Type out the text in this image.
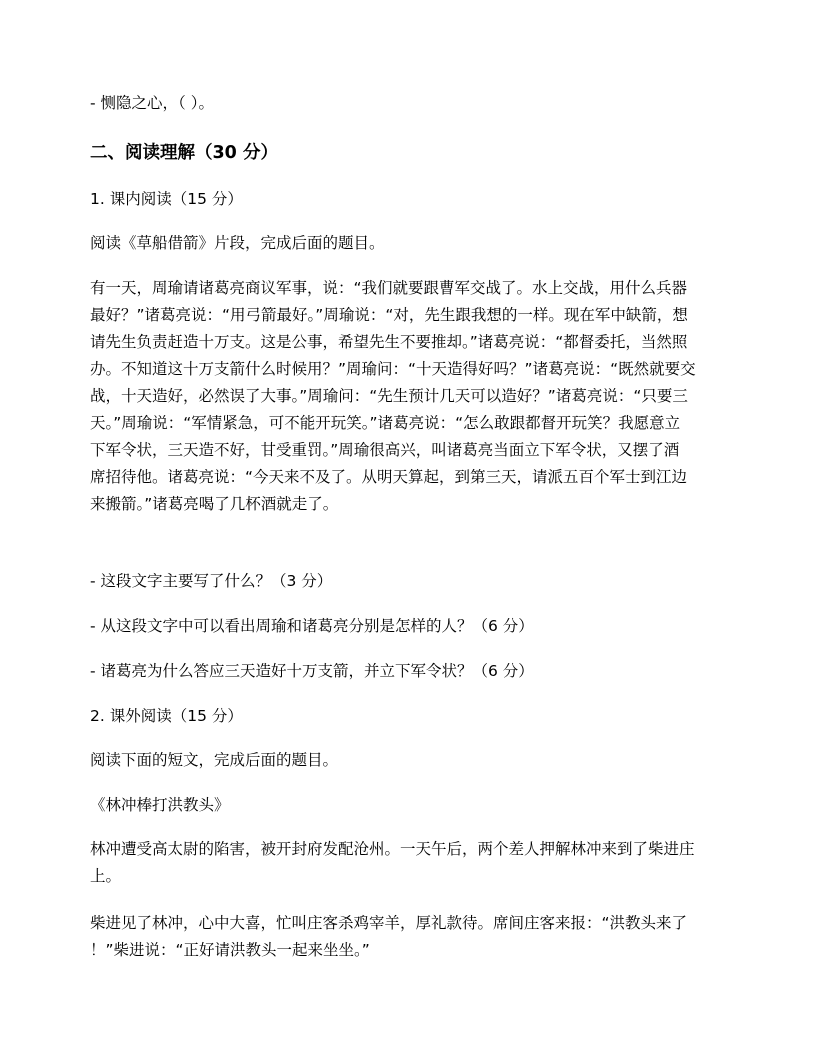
- 恻隐之心，（ ）。

二、阅读理解（30 分）

1. 课内阅读（15 分）

阅读《草船借箭》片段，完成后面的题目。

有一天，周瑜请诸葛亮商议军事，说：“我们就要跟曹军交战了。水上交战，用什么兵器
最好？”诸葛亮说：“用弓箭最好。”周瑜说：“对，先生跟我想的一样。现在军中缺箭，想
请先生负责赶造十万支。这是公事，希望先生不要推却。”诸葛亮说：“都督委托，当然照
办。不知道这十万支箭什么时候用？”周瑜问：“十天造得好吗？”诸葛亮说：“既然就要交
战，十天造好，必然误了大事。”周瑜问：“先生预计几天可以造好？”诸葛亮说：“只要三
天。”周瑜说：“军情紧急，可不能开玩笑。”诸葛亮说：“怎么敢跟都督开玩笑？我愿意立
下军令状，三天造不好，甘受重罚。”周瑜很高兴，叫诸葛亮当面立下军令状，又摆了酒
席招待他。诸葛亮说：“今天来不及了。从明天算起，到第三天，请派五百个军士到江边
来搬箭。”诸葛亮喝了几杯酒就走了。

- 这段文字主要写了什么？（3 分）

- 从这段文字中可以看出周瑜和诸葛亮分别是怎样的人？（6 分）

- 诸葛亮为什么答应三天造好十万支箭，并立下军令状？（6 分）

2. 课外阅读（15 分）

阅读下面的短文，完成后面的题目。

《林冲棒打洪教头》

林冲遭受高太尉的陷害，被开封府发配沧州。一天午后，两个差人押解林冲来到了柴进庄
上。
柴进见了林冲，心中大喜，忙叫庄客杀鸡宰羊，厚礼款待。席间庄客来报：“洪教头来了
！”柴进说：“正好请洪教头一起来坐坐。”
